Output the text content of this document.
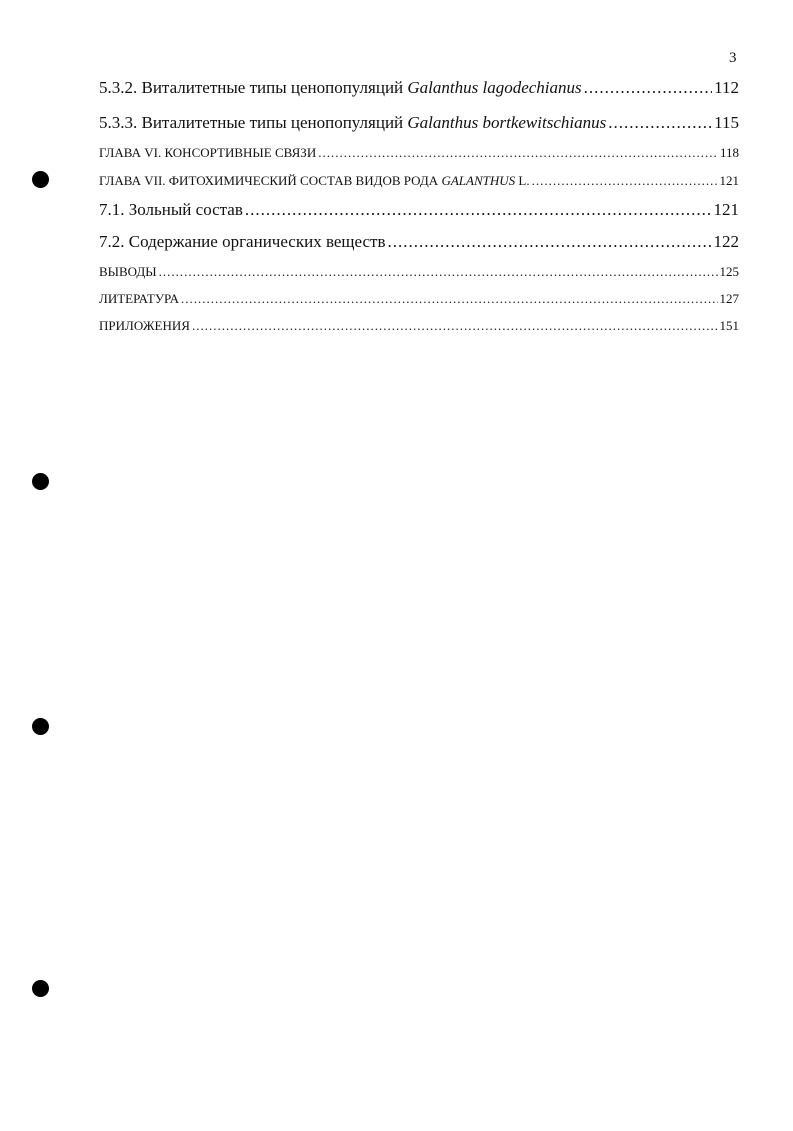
3
5.3.2. Виталитетные типы ценопопуляций Galanthus lagodechianus .....	112
5.3.3. Виталитетные типы ценопопуляций Galanthus bortkewitschianus .....	115
ГЛАВА VI. КОНСОРТИВНЫЕ СВЯЗИ .....	118
ГЛАВА VII. ФИТОХИМИЧЕСКИЙ СОСТАВ ВИДОВ РОДА GALANTHUS L. .....	121
7.1. Зольный состав .....	121
7.2. Содержание органических веществ .....	122
ВЫВОДЫ .....	125
ЛИТЕРАТУРА .....	127
ПРИЛОЖЕНИЯ .....	151
